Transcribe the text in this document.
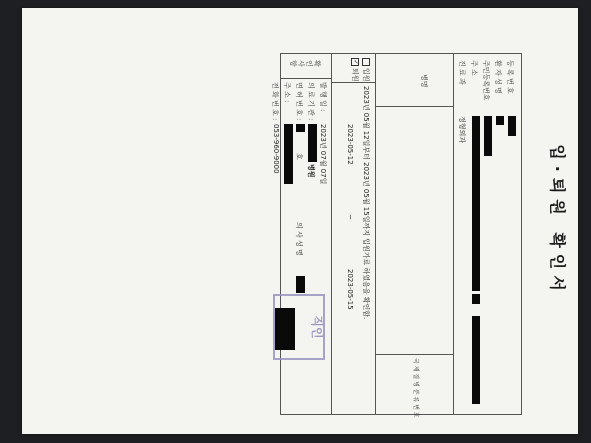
입·퇴원 확인서
등 록 번 호
환 자 성 명
주민등록번호
주 소
진 료 과
정형외과
병명
국 제 질 병 분 류 번 호
입원
✓퇴원
2023년 05월 12일부터 2023년 05월 15일까지 입원가료 하였음을 확인함.
2023-05-12
~
2023-05-15
확 인 사 항
발 행 일 :
2023년 07월 07일
의 료 기 관 :
병원
면 허 번 호 :
호
의 사 성 명
주 소 :
전 화 번 호 :
053-960-9000
직인
